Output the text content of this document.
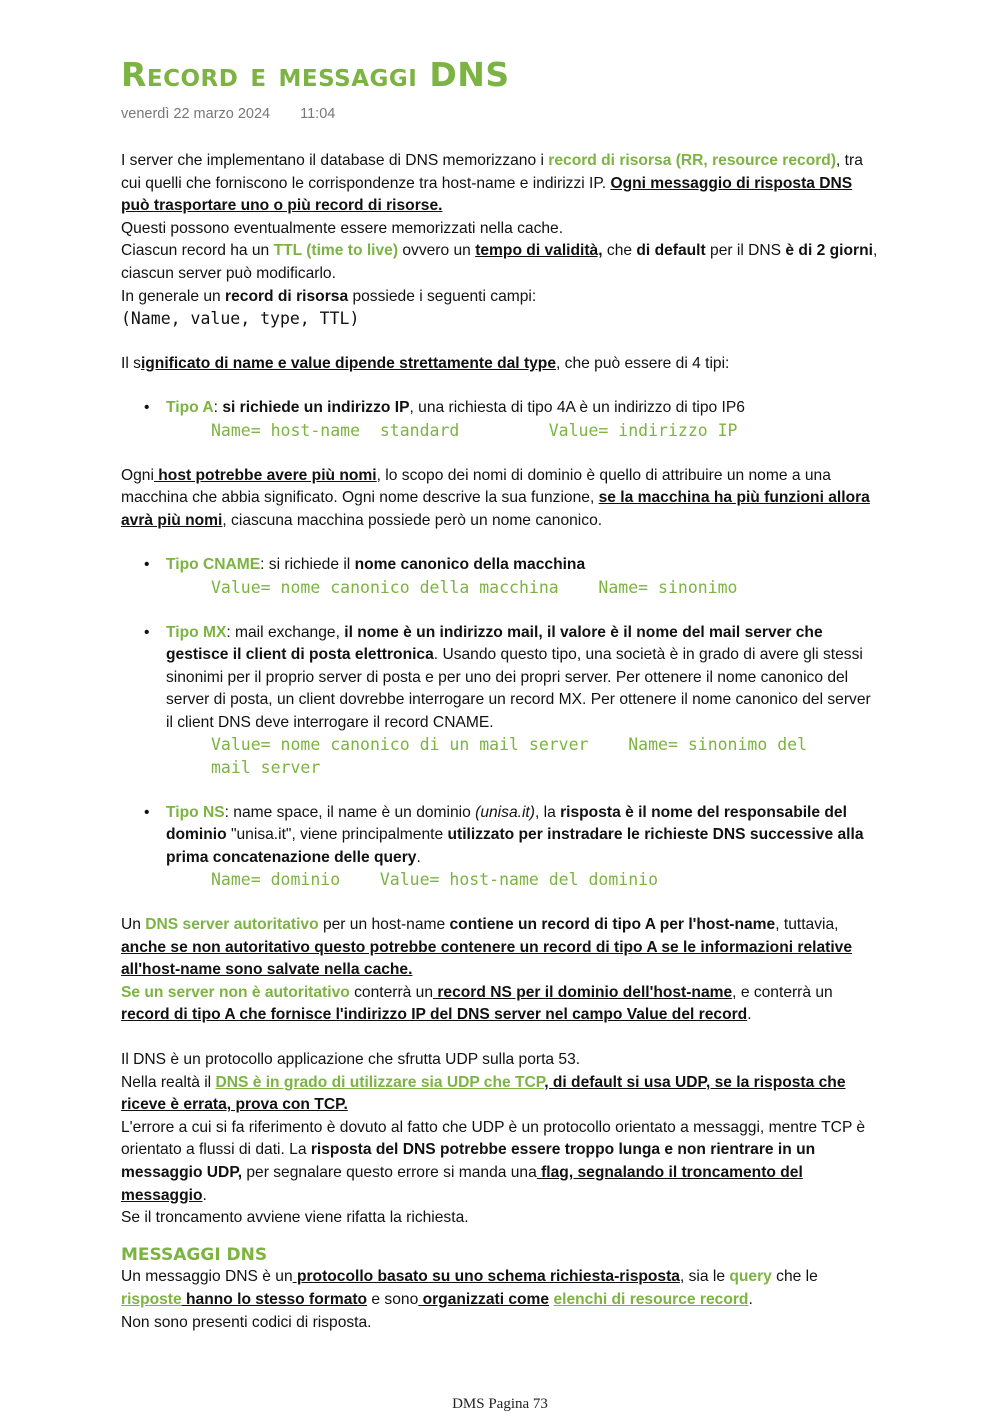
Record e messaggi DNS
venerdì 22 marzo 2024 11:04

I server che implementano il database di DNS memorizzano i record di risorsa (RR, resource record), tra cui quelli che forniscono le corrispondenze tra host-name e indirizzi IP. Ogni messaggio di risposta DNS può trasportare uno o più record di risorse.

Questi possono eventualmente essere memorizzati nella cache.

Ciascun record ha un TTL (time to live) ovvero un tempo di validità, che di default per il DNS è di 2 giorni, ciascun server può modificarlo.

In generale un record di risorsa possiede i seguenti campi:

(Name, value, type, TTL)

Il significato di name e value dipende strettamente dal type, che può essere di 4 tipi:

• Tipo A: si richiede un indirizzo IP, una richiesta di tipo 4A è un indirizzo di tipo IP6

Name= host-name  standard         Value= indirizzo IP

Ogni host potrebbe avere più nomi, lo scopo dei nomi di dominio è quello di attribuire un nome a una macchina che abbia significato. Ogni nome descrive la sua funzione, se la macchina ha più funzioni allora avrà più nomi, ciascuna macchina possiede però un nome canonico.

• Tipo CNAME: si richiede il nome canonico della macchina

Value= nome canonico della macchina    Name= sinonimo

• Tipo MX: mail exchange, il nome è un indirizzo mail, il valore è il nome del mail server che gestisce il client di posta elettronica. Usando questo tipo, una società è in grado di avere gli stessi sinonimi per il proprio server di posta e per uno dei propri server. Per ottenere il nome canonico del server di posta, un client dovrebbe interrogare un record MX. Per ottenere il nome canonico del server il client DNS deve interrogare il record CNAME.

Value= nome canonico di un mail server    Name= sinonimo del

mail server

• Tipo NS: name space, il name è un dominio (unisa.it), la risposta è il nome del responsabile del dominio "unisa.it", viene principalmente utilizzato per instradare le richieste DNS successive alla prima concatenazione delle query.

Name= dominio    Value= host-name del dominio

Un DNS server autoritativo per un host-name contiene un record di tipo A per l'host-name, tuttavia, anche se non autoritativo questo potrebbe contenere un record di tipo A se le informazioni relative all'host-name sono salvate nella cache.

Se un server non è autoritativo conterrà un record NS per il dominio dell'host-name, e conterrà un record di tipo A che fornisce l'indirizzo IP del DNS server nel campo Value del record.

Il DNS è un protocollo applicazione che sfrutta UDP sulla porta 53.

Nella realtà il DNS è in grado di utilizzare sia UDP che TCP, di default si usa UDP, se la risposta che riceve è errata, prova con TCP.

L'errore a cui si fa riferimento è dovuto al fatto che UDP è un protocollo orientato a messaggi, mentre TCP è orientato a flussi di dati. La risposta del DNS potrebbe essere troppo lunga e non rientrare in un messaggio UDP, per segnalare questo errore si manda una flag, segnalando il troncamento del messaggio.

Se il troncamento avviene viene rifatta la richiesta.

MESSAGGI DNS

Un messaggio DNS è un protocollo basato su uno schema richiesta-risposta, sia le query che le risposte hanno lo stesso formato e sono organizzati come elenchi di resource record.

Non sono presenti codici di risposta.

DMS Pagina 73
